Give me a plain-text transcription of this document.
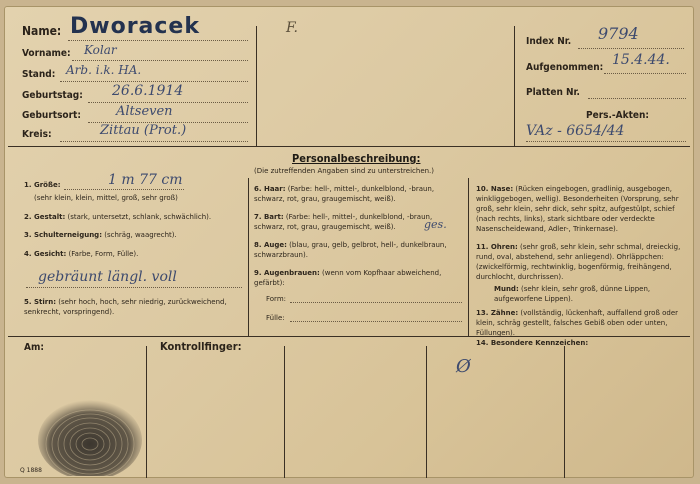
Name: Dworacek
Vorname: Kolar
Stand: Arb. i.k. HA.
Geburtstag: 26.6.1914
Geburtsort:	Altseven
Kreis:	Zittau (Prot.)
F.
Index Nr. 9794
Aufgenommen: 15.4.44.
Platten Nr.
Pers.-Akten:
VAz - 6654/44
Personalbeschreibung:
(Die zutreffenden Angaben sind zu unterstreichen.)
1. Größe:	1 m 77 cm
(sehr klein, klein, mittel, groß, sehr groß)
2. Gestalt: (stark, untersetzt, schlank, schwächlich).
3. Schulterneigung: (schräg, waagrecht).
4. Gesicht: (Farbe, Form, Fülle).
gebräunt längl. voll
5. Stirn: (sehr hoch, hoch, sehr niedrig, zurückweichend, senkrecht, vorspringend).
6. Haar: (Farbe: hell-, mittel-, dunkelblond, -braun, schwarz, rot, grau, graugemischt, weiß).
7. Bart: (Farbe: hell-, mittel-, dunkelblond, -braun, schwarz, rot, grau, graugemischt, weiß).	ges.
8. Auge: (blau, grau, gelb, gelbrot, hell-, dunkelbraun, schwarzbraun).
9. Augenbrauen: (wenn vom Kopfhaar abweichend, gefärbt):
Form:
Fülle:
10. Nase: (Rücken eingebogen, gradlinig, ausgebogen, winkliggebogen, wellig). Besonderheiten (Vorsprung, sehr groß, sehr klein, sehr dick, sehr spitz, aufgestülpt, schief (nach rechts, links), stark sichtbare oder verdeckte Nasenscheidewand, Adler-, Trinkernase).
11. Ohren: (sehr groß, sehr klein, sehr schmal, dreieckig, rund, oval, abstehend, sehr anliegend). Ohrläppchen: (zwickelförmig, rechtwinklig, bogenförmig, freihängend, durchlocht, durchrissen).
Mund: (sehr klein, sehr groß, dünne Lippen, aufgeworfene Lippen).
13. Zähne: (vollständig, lückenhaft, auffallend groß oder klein, schräg gestellt, falsches Gebiß oben oder unten, Füllungen).
14. Besondere Kennzeichen:
Ø
Am:	Kontrollfinger:
Q 1888
